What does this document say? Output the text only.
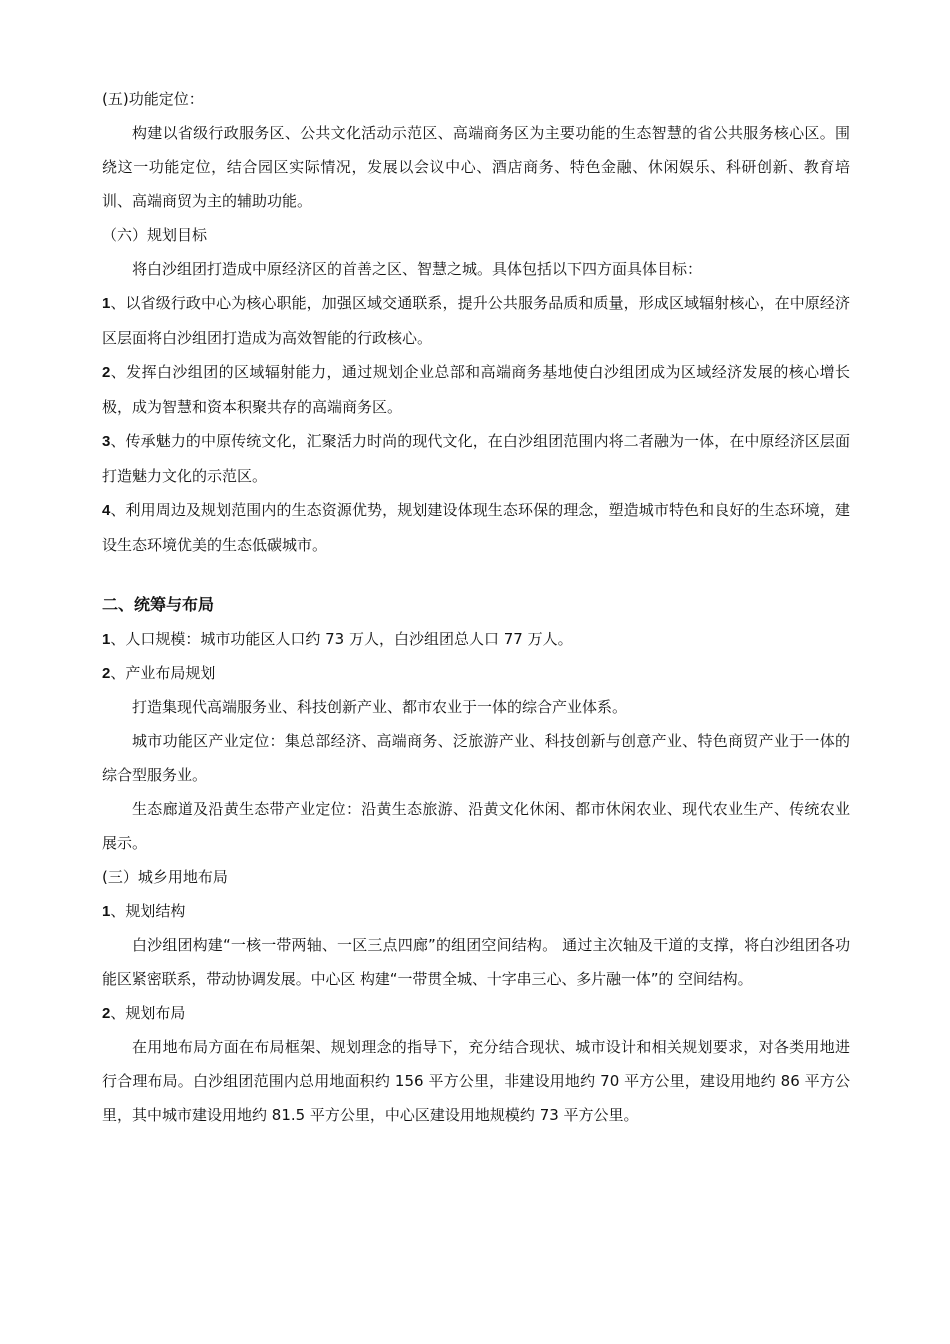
(五)功能定位：
构建以省级行政服务区、公共文化活动示范区、高端商务区为主要功能的生态智慧的省公共服务核心区。围绕这一功能定位，结合园区实际情况，发展以会议中心、酒店商务、特色金融、休闲娱乐、科研创新、教育培训、高端商贸为主的辅助功能。
（六）规划目标
将白沙组团打造成中原经济区的首善之区、智慧之城。具体包括以下四方面具体目标：
1、以省级行政中心为核心职能，加强区域交通联系，提升公共服务品质和质量，形成区域辐射核心，在中原经济区层面将白沙组团打造成为高效智能的行政核心。
2、发挥白沙组团的区域辐射能力，通过规划企业总部和高端商务基地使白沙组团成为区域经济发展的核心增长极，成为智慧和资本积聚共存的高端商务区。
3、传承魅力的中原传统文化，汇聚活力时尚的现代文化，在白沙组团范围内将二者融为一体，在中原经济区层面打造魅力文化的示范区。
4、利用周边及规划范围内的生态资源优势，规划建设体现生态环保的理念，塑造城市特色和良好的生态环境，建设生态环境优美的生态低碳城市。
二、统筹与布局
1、人口规模：城市功能区人口约 73 万人，白沙组团总人口 77 万人。
2、产业布局规划
打造集现代高端服务业、科技创新产业、都市农业于一体的综合产业体系。
城市功能区产业定位：集总部经济、高端商务、泛旅游产业、科技创新与创意产业、特色商贸产业于一体的综合型服务业。
生态廊道及沿黄生态带产业定位：沿黄生态旅游、沿黄文化休闲、都市休闲农业、现代农业生产、传统农业展示。
(三）城乡用地布局
1、规划结构
白沙组团构建“一核一带两轴、一区三点四廊”的组团空间结构。 通过主次轴及干道的支撑，将白沙组团各功能区紧密联系，带动协调发展。中心区 构建“一带贯全城、十字串三心、多片融一体”的 空间结构。
2、规划布局
在用地布局方面在布局框架、规划理念的指导下，充分结合现状、城市设计和相关规划要求，对各类用地进行合理布局。白沙组团范围内总用地面积约 156 平方公里，非建设用地约 70 平方公里，建设用地约 86 平方公里，其中城市建设用地约 81.5 平方公里，中心区建设用地规模约 73 平方公里。
